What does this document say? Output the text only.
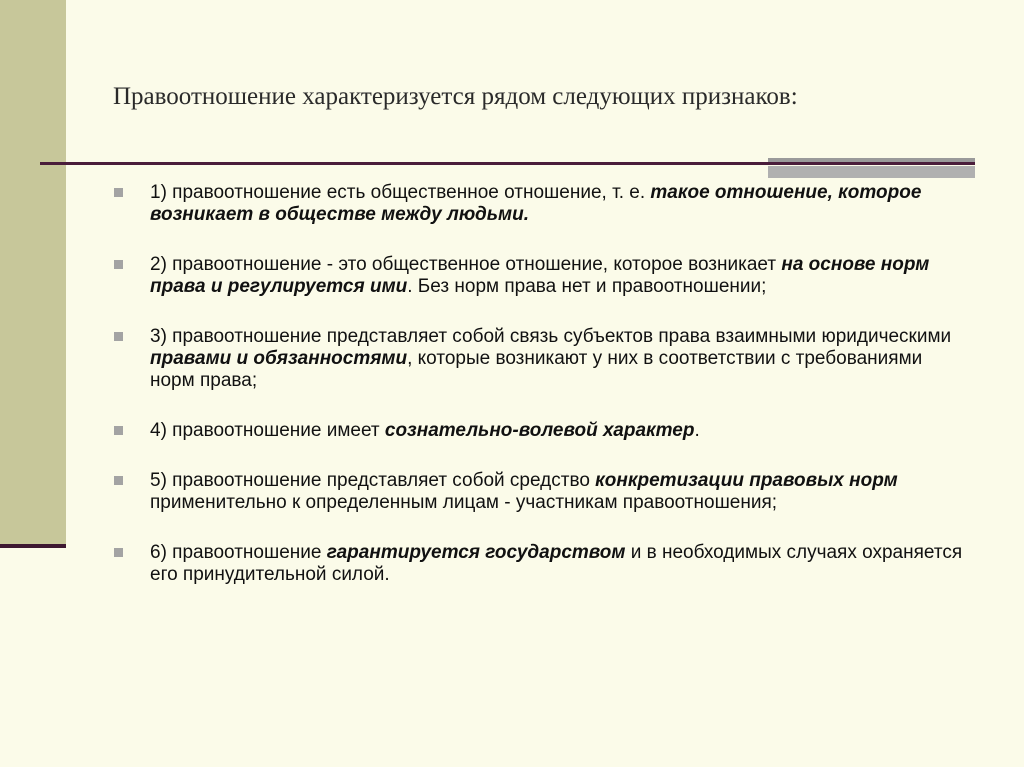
Правоотношение характеризуется рядом следующих признаков:
1) правоотношение есть общественное отношение, т. е. такое отношение, которое возникает в обществе между людьми.
2) правоотношение - это общественное отношение, которое возникает на основе норм права и регулируется ими. Без норм права нет и правоотношении;
3) правоотношение представляет собой связь субъектов права взаимными юридическими правами и обязанностями, которые возникают у них в соответствии с требованиями норм права;
4) правоотношение имеет сознательно-волевой характер.
5) правоотношение представляет собой средство конкретизации правовых норм применительно к определенным лицам - участникам правоотношения;
6) правоотношение гарантируется государством и в необходимых случаях охраняется его принудительной силой.
